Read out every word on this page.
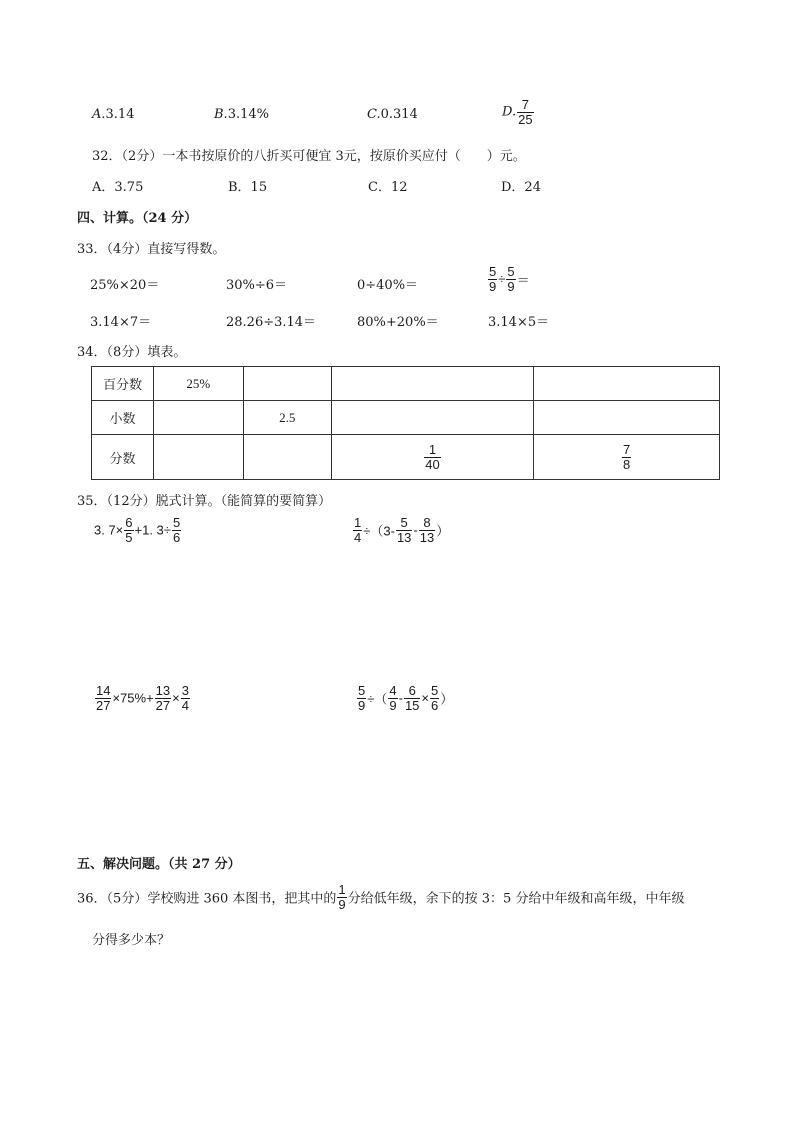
A.3.14	B.3.14%	C.0.314	D. $\frac{7}{25}$
32．（2分）一本书按原价的八折买可便宜 3元，按原价买应付（　　）元。
A．3.75	B．15	C．12	D．24
四、计算。（24 分）
33．（4分）直接写得数。
25%×20＝	30%÷6＝	0÷40%＝	$\frac{5}{9} \div \frac{5}{9}$ ＝
3.14×7＝	28.26÷3.14＝	80%+20%＝	3.14×5＝
34．（8分）填表。
百分数	25%			
小数		2.5		
分数			$\frac{1}{40}$	$\frac{7}{8}$
35．（12分）脱式计算。（能简算的要简算）
3. $7\times \frac{6}{5} +1$. $3\div \frac{5}{6}$	$\frac{1}{4} \div(3- \frac{5}{13} - \frac{8}{13}$ ）
$\frac{14}{27} \times 75\%+ \frac{13}{27} \times \frac{3}{4}$	$\frac{5}{9}$ ÷（ $\frac{4}{9} - \frac{6}{15} \times \frac{5}{6}$ ）
五、解决问题。（共 27 分）
36．（5分）学校购进 360 本图书，把其中的 $\frac{1}{9}$ 分给低年级，余下的按 3：5 分给中年级和高年级，中年级
分得多少本？
